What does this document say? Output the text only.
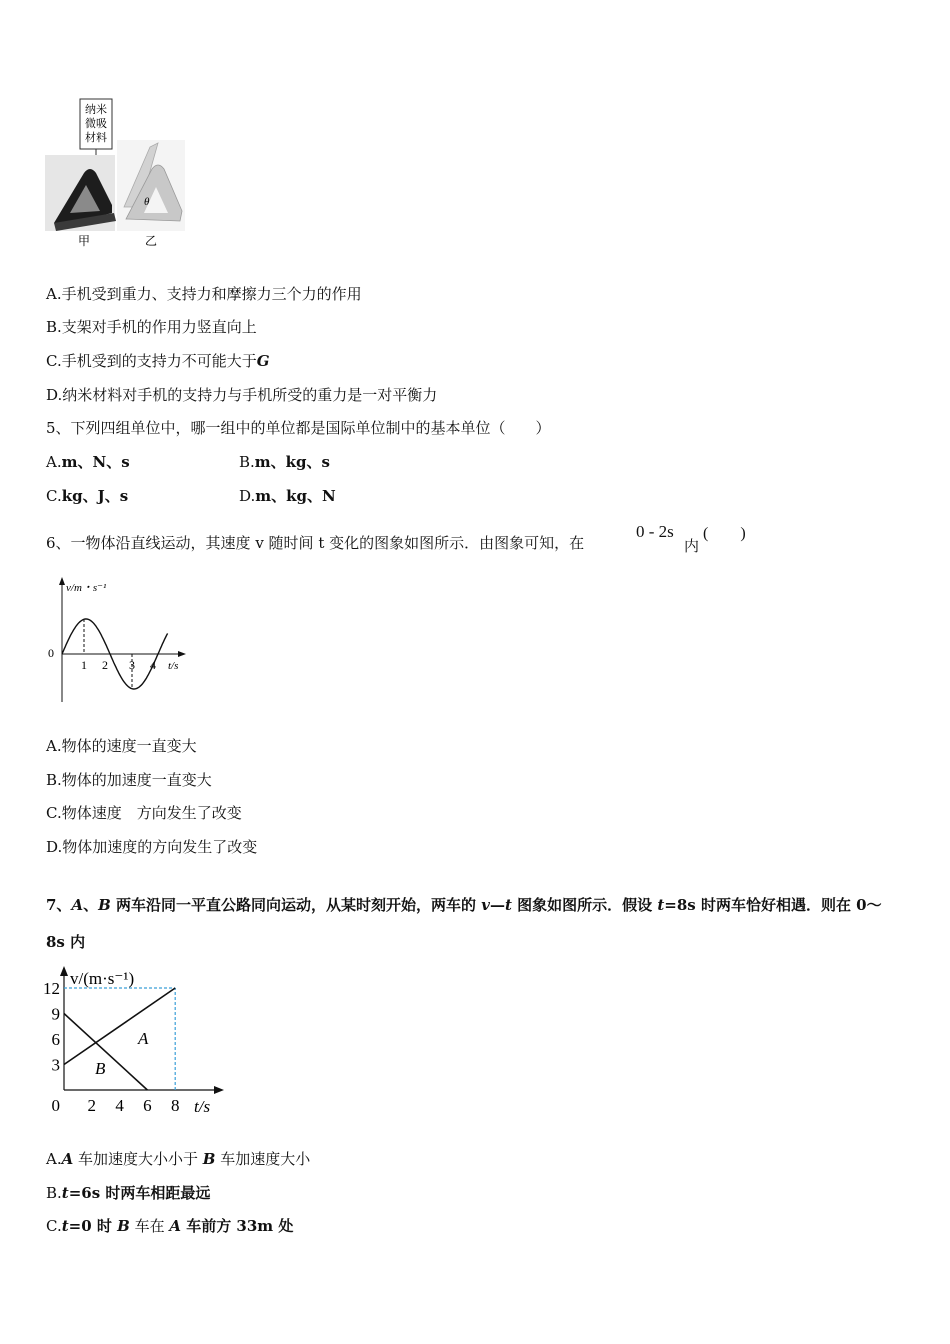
纳米
微吸
材料
θ
甲	乙
A.手机受到重力、支持力和摩擦力三个力的作用
B.支架对手机的作用力竖直向上
C.手机受到的支持力不可能大于G
D.纳米材料对手机的支持力与手机所受的重力是一对平衡力
5、下列四组单位中，哪一组中的单位都是国际单位制中的基本单位（　　）
A.m、N、s	B.m、kg、s
C.kg、J、s	D.m、kg、N
6、一物体沿直线运动，其速度 v 随时间 t 变化的图象如图所示．由图象可知，在
0 - 2s
内
(　　)
v/m・s⁻¹
0
1 2 3 4 t/s
A.物体的速度一直变大
B.物体的加速度一直变大
C.物体速度　方向发生了改变
D.物体加速度的方向发生了改变
7、A、B 两车沿同一平直公路同向运动，从某时刻开始，两车的 v—t 图象如图所示．假设 t=8s 时两车恰好相遇．则在 0～
8s 内
3
6
9
12
0 2 4 6 8
v/(m·s⁻¹)
t/s
A
B
A.A 车加速度大小小于 B 车加速度大小
B.t=6s 时两车相距最远
C.t=0 时 B 车在 A 车前方 33m 处
